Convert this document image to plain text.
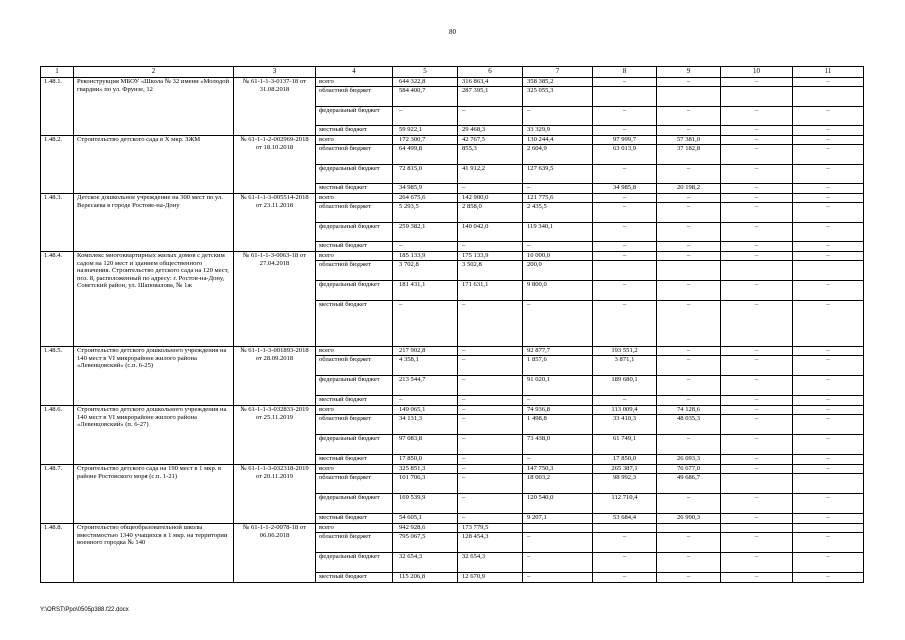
80
1	2	3	4	5	6	7	8	9	10	11
1.48.1.	Реконструкция МБОУ «Школа № 32 имени «Молодой гвардии» по ул. Фрунзе, 12	№ 61-1-1-3-0137-18 от 31.08.2018	всего	644 322,8	316 863,4	358 385,2	–	–	–	–
			областной бюджет	584 400,7	287 395,1	325 055,3				
			федеральный бюджет	–	–	–	–	–	–	–
			местный бюджет	59 922,1	29 468,3	33 329,9	–	–	–	–
1.48.2.	Строительство детского сада в X мкр. ЗЖМ	№ 61-1-1-2-002969-2018 от 18.10.2018	всего	172 300,7	42 767,5	130 244,4	97 999,7	57 381,0	–	–
			областной бюджет	64 499,8	855,3	2 604,9	63 013,9	37 182,8	–	–
			федеральный бюджет	72 815,0	41 912,2	127 639,5	–	–	–	–
			местный бюджет	34 985,9	–	–	34 985,8	20 198,2	–	–
1.48.3.	Детское дошкольное учреждение на 300 мест по ул. Вересаева в городе Ростове-на-Дону	№ 61-1-1-3-005514-2018 от 23.11.2018	всего	264 675,6	142 900,0	121 775,6	–	–	–	–
			областной бюджет	5 293,5	2 858,0	2 435,5	–	–	–	–
			федеральный бюджет	259 382,1	140 042,0	119 340,1	–	–	–	–
			местный бюджет	–	–	–	–	–	–	–
1.48.4.	Комплекс многоквартирных жилых домов с детским садом на 120 мест и зданием общественного назначения. Строительство детского сада на 120 мест, поз. 8, расположенный по адресу: г. Ростов-на-Дону, Советский район, ул. Шаповалова, № 1ж	№ 61-1-1-3-0063-18 от 27.04.2018	всего	185 133,9	175 133,9	10 000,0	–	–	–	–
			областной бюджет	3 702,8	3 502,8	200,0				
			федеральный бюджет	181 431,1	171 631,1	9 800,0	–	–	–	–
			местный бюджет	–	–	–	–	–	–	–
1.48.5.	Строительство детского дошкольного учреждения на 140 мест в VI микрорайоне жилого района «Левенцовский» (с.п. 6-25)	№ 61-1-1-3-001893-2018 от 28.09.2018	всего	217 902,8	–	92 877,7	193 551,2	–	–	–
			областной бюджет	4 358,1	–	1 857,6	3 871,1	–	–	–
			федеральный бюджет	213 544,7	–	91 020,1	189 680,1	–	–	–
			местный бюджет	–	–	–	–	–	–	–
1.48.6.	Строительство детского дошкольного учреждения на 140 мест в VI микрорайоне жилого района «Левенцовский» (п. 6-27)	№ 61-1-1-3-032833-2019 от 25.11.2019	всего	149 065,1	–	74 936,8	113 009,4	74 128,6	–	–
			областной бюджет	34 131,3	–	1 498,8	33 410,3	48 035,3	–	–
			федеральный бюджет	97 083,8	–	73 438,0	61 749,1	–	–	–
			местный бюджет	17 850,0	–	–	17 850,0	26 093,3	–	–
1.48.7.	Строительство детского сада на 190 мест в 1 мкр. в районе Ростовского моря (с.п. 1-21)	№ 61-1-1-3-032318-2019 от 20.11.2019	всего	325 851,3	–	147 750,3	265 387,1	76 677,0	–	–
			областной бюджет	101 706,3	–	18 003,2	98 992,3	49 686,7		
			федеральный бюджет	169 539,9	–	120 540,0	112 710,4	–	–	–
			местный бюджет	54 605,1	–	9 207,1	53 684,4	26 990,3	–	–
1.48.8.	Строительство общеобразовательной школы вместимостью 1340 учащихся в 1 мкр. на территории военного городка № 140	№ 61-1-1-2-0078-18 от 06.06.2018	всего	942 928,6	173 779,5					
			областной бюджет	795 067,5	128 454,3	–	–	–	–	–
			федеральный бюджет	32 654,3	32 654,3	–	–	–	–	–
			местный бюджет	115 206,8	12 670,9	–	–	–	–	–
Y:\ORST\Ppo\0505p388.f22.docx
